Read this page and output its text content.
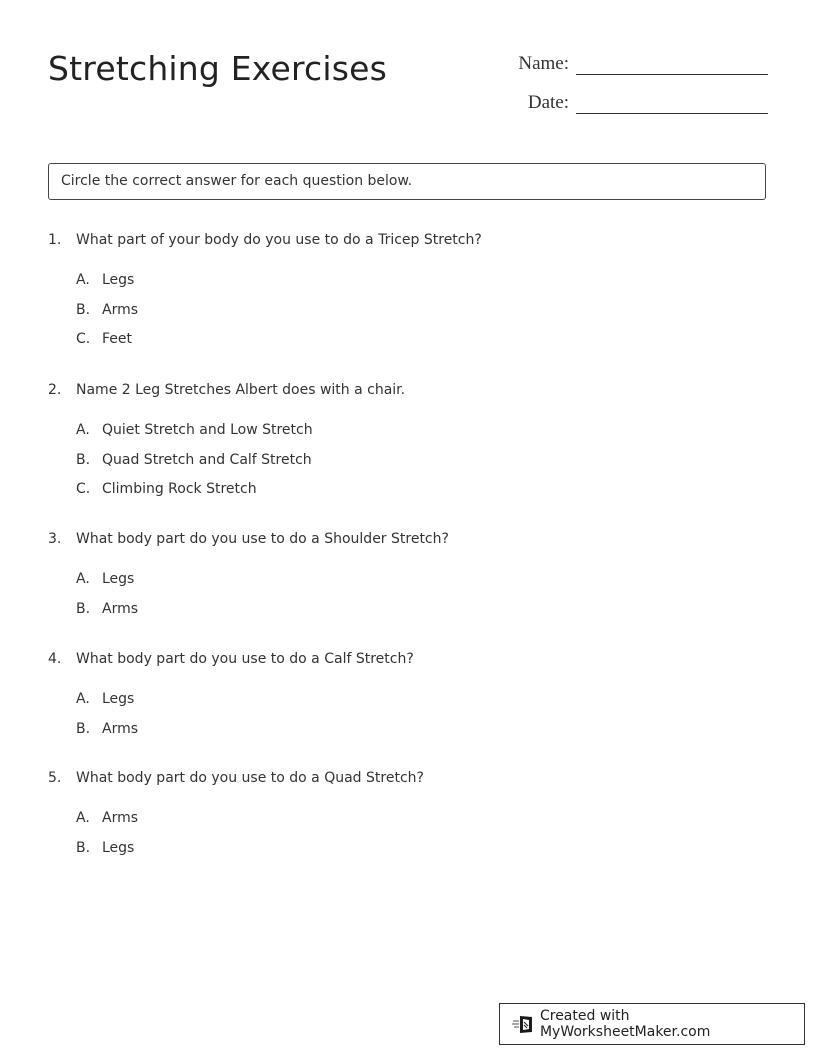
Stretching Exercises	Name:
Date:
Circle the correct answer for each question below.
1.	What part of your body do you use to do a Tricep Stretch?
A. Legs
B. Arms
C. Feet
2.	Name 2 Leg Stretches Albert does with a chair.
A. Quiet Stretch and Low Stretch
B. Quad Stretch and Calf Stretch
C. Climbing Rock Stretch
3.	What body part do you use to do a Shoulder Stretch?
A. Legs
B. Arms
4.	What body part do you use to do a Calf Stretch?
A. Legs
B. Arms
5.	What body part do you use to do a Quad Stretch?
A. Arms
B. Legs
Created with MyWorksheetMaker.com
